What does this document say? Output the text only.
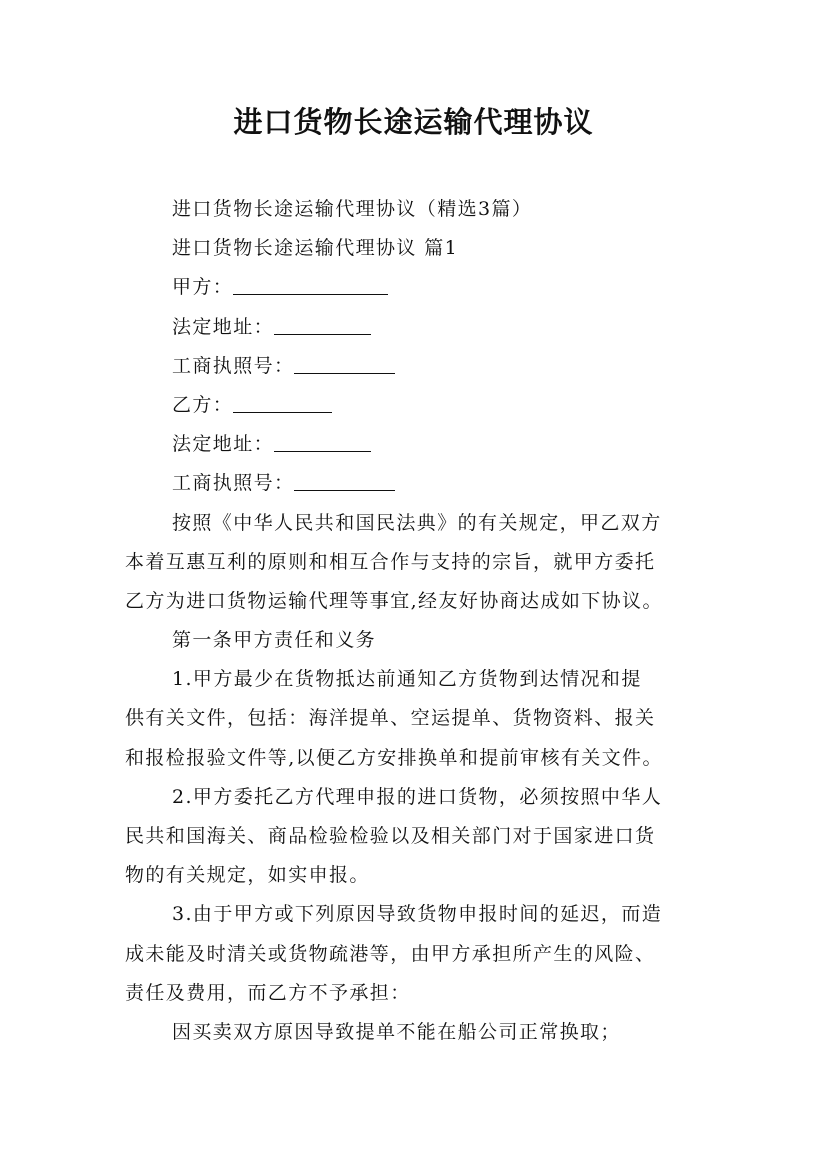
进口货物长途运输代理协议
进口货物长途运输代理协议（精选3篇）
进口货物长途运输代理协议 篇1
甲方：
法定地址：
工商执照号：
乙方：
法定地址：
工商执照号：
按照《中华人民共和国民法典》的有关规定，甲乙双方
本着互惠互利的原则和相互合作与支持的宗旨，就甲方委托
乙方为进口货物运输代理等事宜,经友好协商达成如下协议。
第一条甲方责任和义务
1.甲方最少在货物抵达前通知乙方货物到达情况和提
供有关文件，包括：海洋提单、空运提单、货物资料、报关
和报检报验文件等,以便乙方安排换单和提前审核有关文件。
2.甲方委托乙方代理申报的进口货物，必须按照中华人
民共和国海关、商品检验检验以及相关部门对于国家进口货
物的有关规定，如实申报。
3.由于甲方或下列原因导致货物申报时间的延迟，而造
成未能及时清关或货物疏港等，由甲方承担所产生的风险、
责任及费用，而乙方不予承担：
因买卖双方原因导致提单不能在船公司正常换取；
